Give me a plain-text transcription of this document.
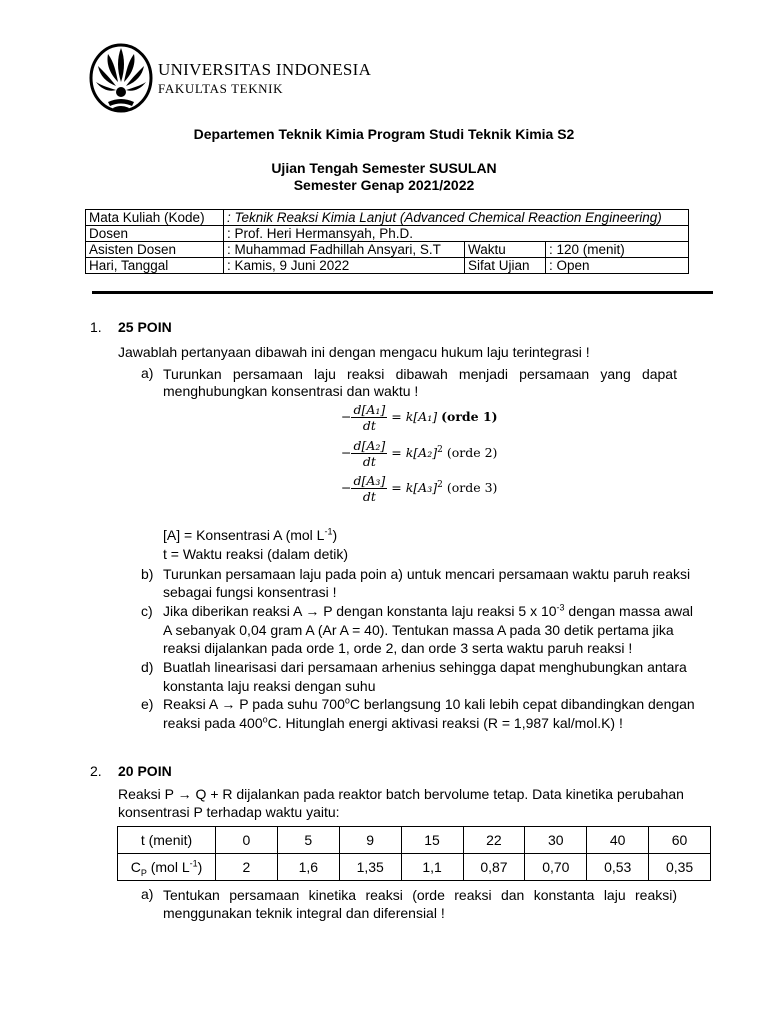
UNIVERSITAS INDONESIA
FAKULTAS TEKNIK
Departemen Teknik Kimia Program Studi Teknik Kimia S2
Ujian Tengah Semester SUSULAN
Semester Genap 2021/2022
Mata Kuliah (Kode)	: Teknik Reaksi Kimia Lanjut (Advanced Chemical Reaction Engineering)		
Dosen	: Prof. Heri Hermansyah, Ph.D.		
Asisten Dosen	: Muhammad Fadhillah Ansyari, S.T	Waktu	: 120 (menit)
Hari, Tanggal	: Kamis, 9 Juni 2022	Sifat Ujian	: Open
1. 25 POIN
Jawablah pertanyaan dibawah ini dengan mengacu hukum laju terintegrasi !
a) Turunkan persamaan laju reaksi dibawah menjadi persamaan yang dapat
menghubungkan konsentrasi dan waktu !
− $\frac{\text{d[A₁]}}{dt} = k[A_1]$ (orde 1)
− $\frac{\text{d[A₂]}}{dt} = k[A_2]^2$ (orde 2)
− $\frac{\text{d[A₃]}}{dt} = k[A_3]^2$ (orde 3)
[A] = Konsentrasi A (mol $L^{-1}$)
t = Waktu reaksi (dalam detik)
b) Turunkan persamaan laju pada poin a) untuk mencari persamaan waktu paruh reaksi
sebagai fungsi konsentrasi !
c) Jika diberikan reaksi A → P dengan konstanta laju reaksi 5 x $10^{-3}$ dengan massa awal
A sebanyak 0,04 gram A (Ar A = 40). Tentukan massa A pada 30 detik pertama jika
reaksi dijalankan pada orde 1, orde 2, dan orde 3 serta waktu paruh reaksi !
d) Buatlah linearisasi dari persamaan arhenius sehingga dapat menghubungkan antara
konstanta laju reaksi dengan suhu
e) Reaksi A → P pada suhu 700$^o$C berlangsung 10 kali lebih cepat dibandingkan dengan
reaksi pada 400$^o$C. Hitunglah energi aktivasi reaksi (R = 1,987 kal/mol.K) !
2. 20 POIN
Reaksi P → Q + R dijalankan pada reaktor batch bervolume tetap. Data kinetika perubahan
konsentrasi P terhadap waktu yaitu:
t (menit)	0	5	9	15	22	30	40	60
$C_P$ (mol $L^{-1}$)	2	1,6	1,35	1,1	0,87	0,70	0,53	0,35
a) Tentukan persamaan kinetika reaksi (orde reaksi dan konstanta laju reaksi)
menggunakan teknik integral dan diferensial !
